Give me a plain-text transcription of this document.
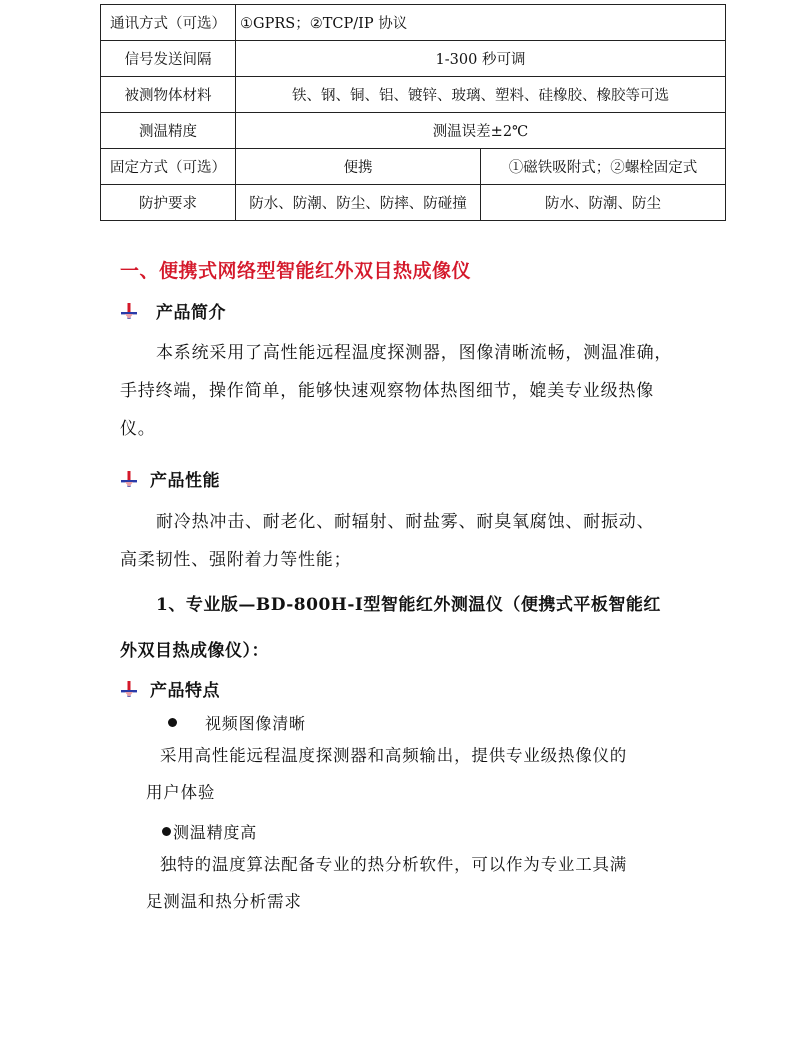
通讯方式（可选）	①GPRS；②TCP/IP 协议	
信号发送间隔	1-300 秒可调	
被测物体材料	铁、钢、铜、铝、镀锌、玻璃、塑料、硅橡胶、橡胶等可选	
测温精度	测温误差±2℃	
固定方式（可选）	便携	①磁铁吸附式；②螺栓固定式
防护要求	防水、防潮、防尘、防摔、防碰撞	防水、防潮、防尘
一、便携式网络型智能红外双目热成像仪
产品简介
本系统采用了高性能远程温度探测器，图像清晰流畅，测温准确，
手持终端，操作简单，能够快速观察物体热图细节，媲美专业级热像
仪。
产品性能
耐冷热冲击、耐老化、耐辐射、耐盐雾、耐臭氧腐蚀、耐振动、
高柔韧性、强附着力等性能；
1、专业版—BD-800H-Ⅰ型智能红外测温仪（便携式平板智能红
外双目热成像仪）：
产品特点
视频图像清晰
采用高性能远程温度探测器和高频输出，提供专业级热像仪的
用户体验
测温精度高
独特的温度算法配备专业的热分析软件，可以作为专业工具满
足测温和热分析需求
